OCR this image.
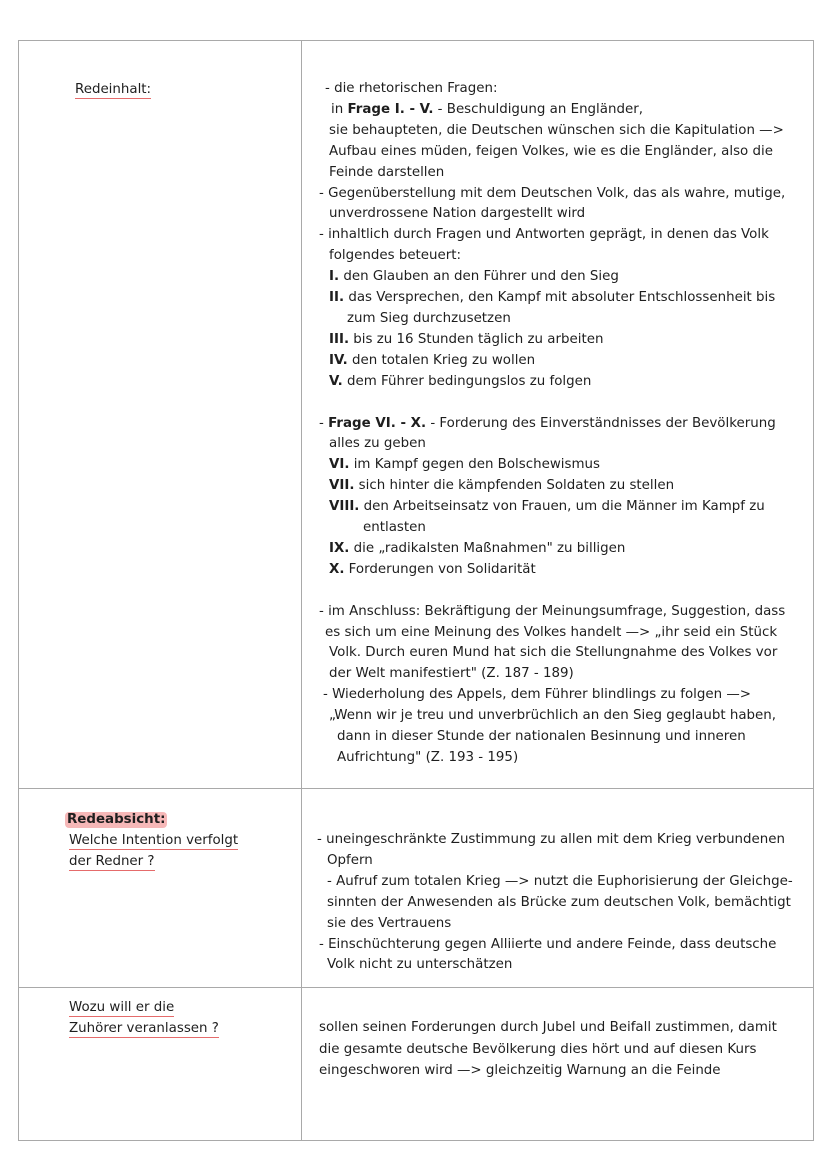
Redeinhalt:	- die rhetorischen Fragen:
in Frage I. - V. - Beschuldigung an Engländer,
sie behaupteten, die Deutschen wünschen sich die Kapitulation —>
Aufbau eines müden, feigen Volkes, wie es die Engländer, also die
Feinde darstellen
- Gegenüberstellung mit dem Deutschen Volk, das als wahre, mutige,
unverdrossene Nation dargestellt wird
- inhaltlich durch Fragen und Antworten geprägt, in denen das Volk
folgendes beteuert:
I. den Glauben an den Führer und den Sieg
II. das Versprechen, den Kampf mit absoluter Entschlossenheit bis
zum Sieg durchzusetzen
III. bis zu 16 Stunden täglich zu arbeiten
IV. den totalen Krieg zu wollen
V. dem Führer bedingungslos zu folgen

- Frage VI. - X. - Forderung des Einverständnisses der Bevölkerung
alles zu geben
VI. im Kampf gegen den Bolschewismus
VII. sich hinter die kämpfenden Soldaten zu stellen
VIII. den Arbeitseinsatz von Frauen, um die Männer im Kampf zu
entlasten
IX. die „radikalsten Maßnahmen" zu billigen
X. Forderungen von Solidarität

- im Anschluss: Bekräftigung der Meinungsumfrage, Suggestion, dass
es sich um eine Meinung des Volkes handelt —> „ihr seid ein Stück
Volk. Durch euren Mund hat sich die Stellungnahme des Volkes vor
der Welt manifestiert" (Z. 187 - 189)
- Wiederholung des Appels, dem Führer blindlings zu folgen —>
„Wenn wir je treu und unverbrüchlich an den Sieg geglaubt haben,
dann in dieser Stunde der nationalen Besinnung und inneren
Aufrichtung" (Z. 193 - 195)
Redeabsicht:
Welche Intention verfolgt
der Redner ?
- uneingeschränkte Zustimmung zu allen mit dem Krieg verbundenen
Opfern
- Aufruf zum totalen Krieg —> nutzt die Euphorisierung der Gleichge-
sinnten der Anwesenden als Brücke zum deutschen Volk, bemächtigt
sie des Vertrauens
- Einschüchterung gegen Alliierte und andere Feinde, dass deutsche
Volk nicht zu unterschätzen
Wozu will er die
Zuhörer veranlassen ?	sollen seinen Forderungen durch Jubel und Beifall zustimmen, damit
die gesamte deutsche Bevölkerung dies hört und auf diesen Kurs
eingeschworen wird —> gleichzeitig Warnung an die Feinde
